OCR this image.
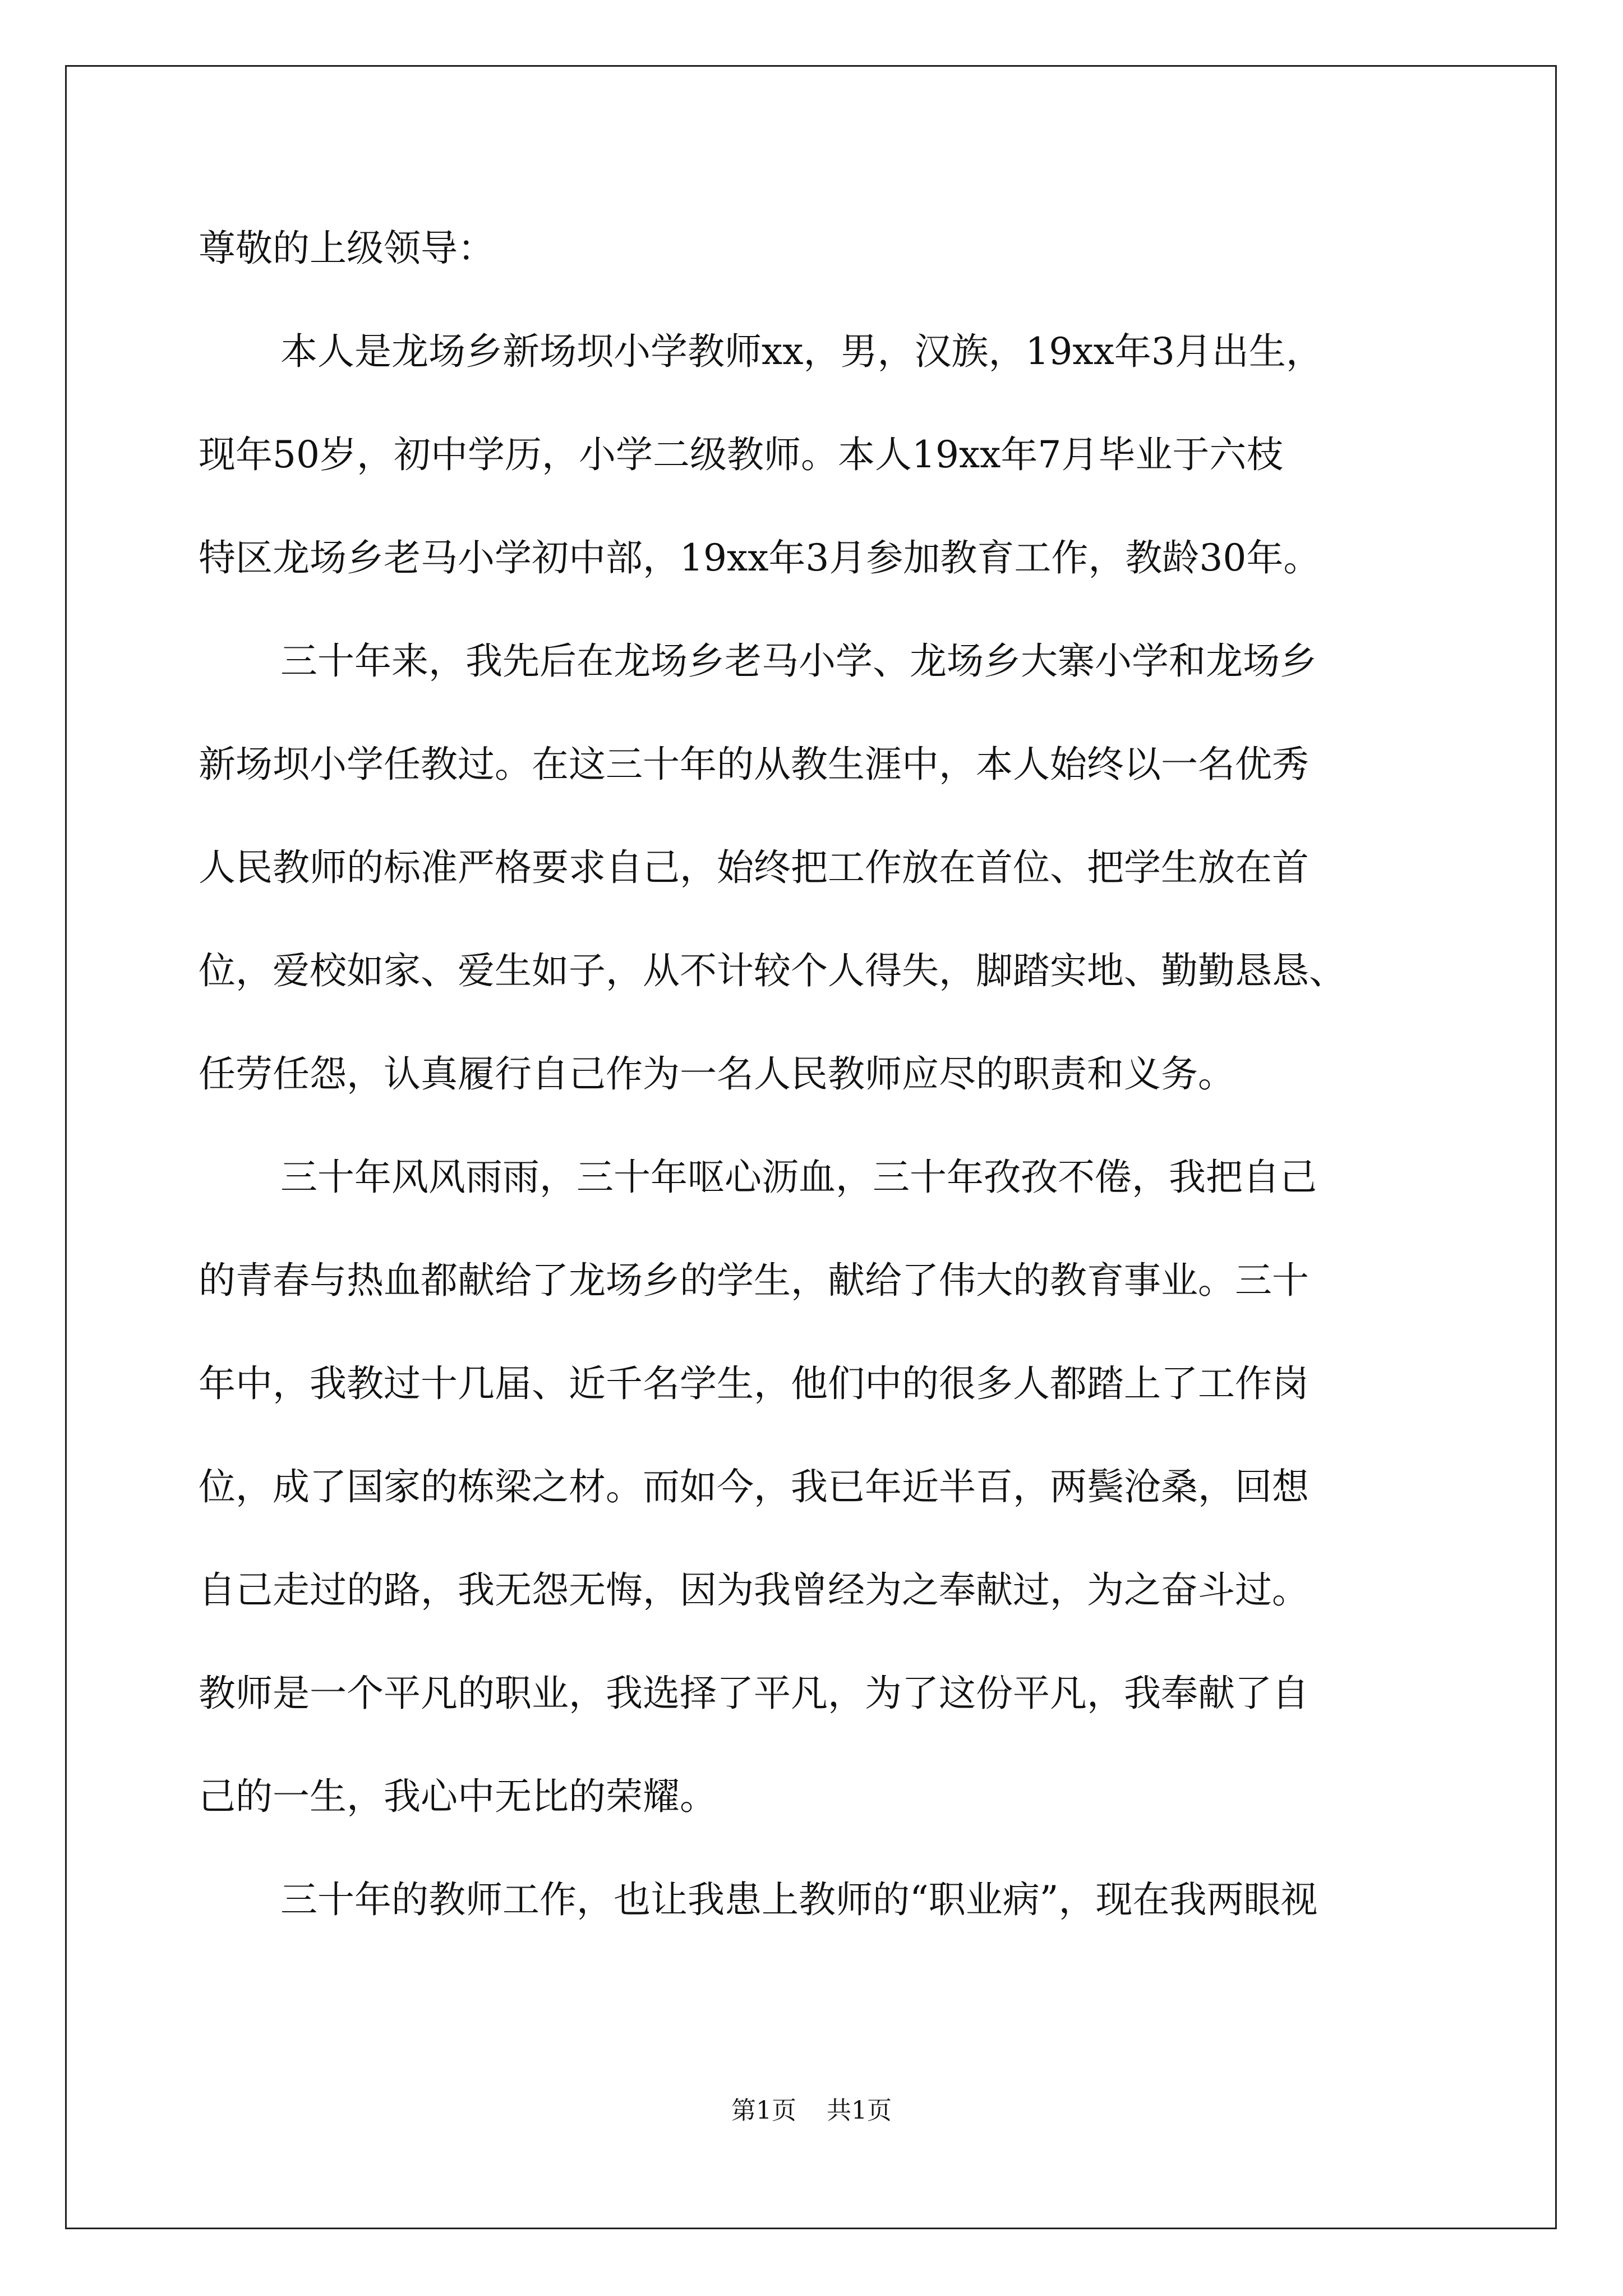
尊敬的上级领导：
本人是龙场乡新场坝小学教师xx，男，汉族，19xx年3月出生，
现年50岁，初中学历，小学二级教师。本人19xx年7月毕业于六枝
特区龙场乡老马小学初中部，19xx年3月参加教育工作，教龄30年。
三十年来，我先后在龙场乡老马小学、龙场乡大寨小学和龙场乡
新场坝小学任教过。在这三十年的从教生涯中，本人始终以一名优秀
人民教师的标准严格要求自己，始终把工作放在首位、把学生放在首
位，爱校如家、爱生如子，从不计较个人得失，脚踏实地、勤勤恳恳、
任劳任怨，认真履行自己作为一名人民教师应尽的职责和义务。
三十年风风雨雨，三十年呕心沥血，三十年孜孜不倦，我把自己
的青春与热血都献给了龙场乡的学生，献给了伟大的教育事业。三十
年中，我教过十几届、近千名学生，他们中的很多人都踏上了工作岗
位，成了国家的栋梁之材。而如今，我已年近半百，两鬓沧桑，回想
自己走过的路，我无怨无悔，因为我曾经为之奉献过，为之奋斗过。
教师是一个平凡的职业，我选择了平凡，为了这份平凡，我奉献了自
己的一生，我心中无比的荣耀。
三十年的教师工作，也让我患上教师的“职业病”，现在我两眼视
第1页 共1页
